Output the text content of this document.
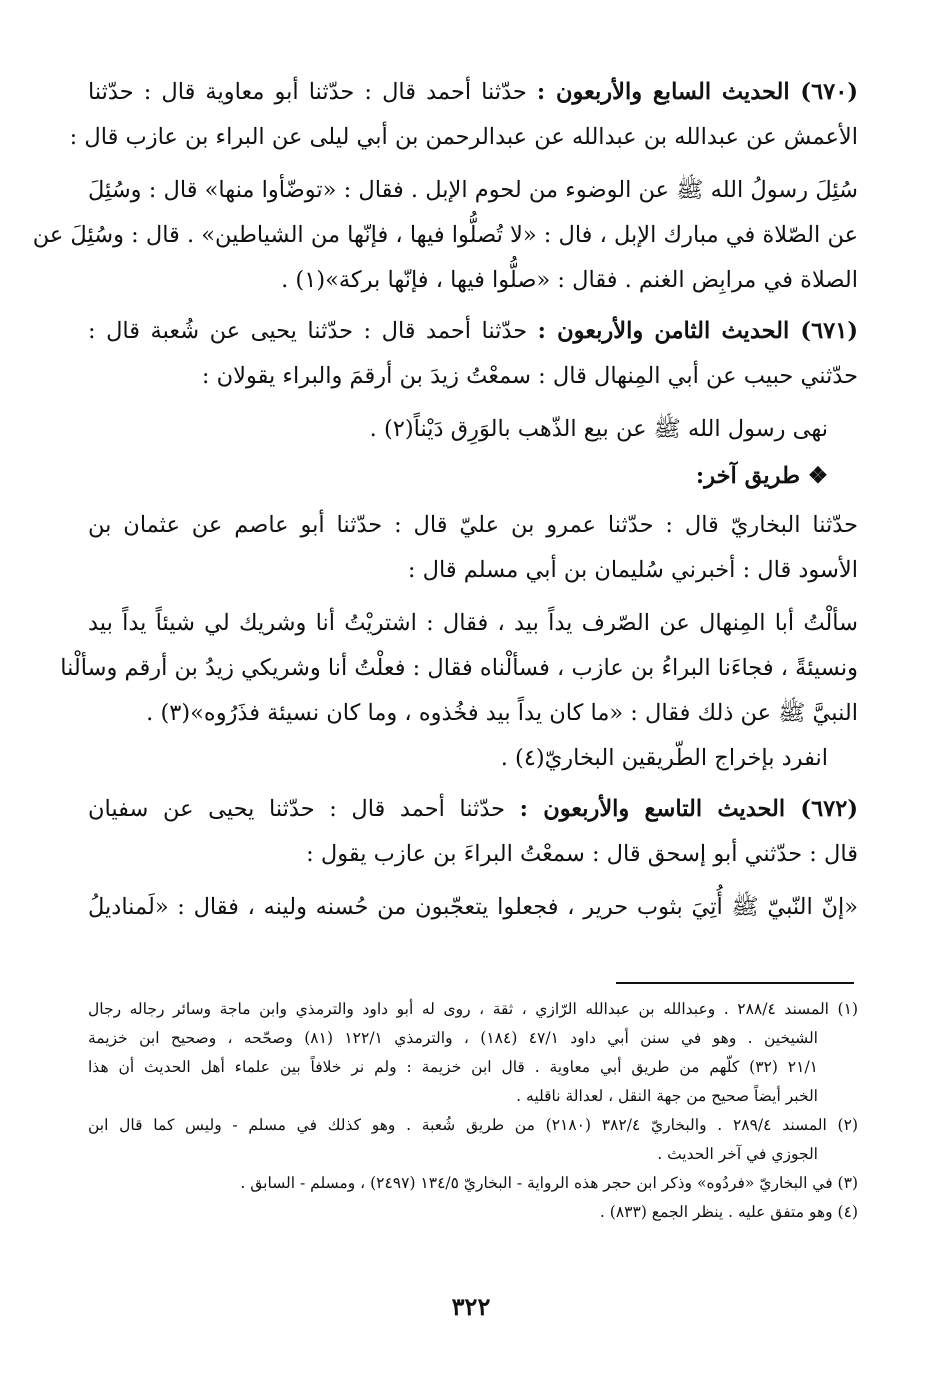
(٦٧٠) الحديث السابع والأربعون : حدّثنا أحمد قال : حدّثنا أبو معاوية قال : حدّثنا
الأعمش عن عبدالله بن عبدالله عن عبدالرحمن بن أبي ليلى عن البراء بن عازب قال :
سُئِلَ رسولُ الله ﷺ عن الوضوء من لحوم الإبل . فقال : «توضّأوا منها» قال : وسُئِلَ
عن الصّلاة في مبارك الإبل ، فال : «لا تُصلُّوا فيها ، فإنّها من الشياطين» . قال : وسُئِلَ عن
الصلاة في مرابِض الغنم . فقال : «صلُّوا فيها ، فإنّها بركة»(١) .
(٦٧١) الحديث الثامن والأربعون : حدّثنا أحمد قال : حدّثنا يحيى عن شُعبة قال :
حدّثني حبيب عن أبي المِنهال قال : سمعْتُ زيدَ بن أرقمَ والبراء يقولان :
نهى رسول الله ﷺ عن بيع الذّهب بالوَرِق دَيْناً(٢) .
❖ طريق آخر:
حدّثنا البخاريّ قال : حدّثنا عمرو بن عليّ قال : حدّثنا أبو عاصم عن عثمان بن
الأسود قال : أخبرني سُليمان بن أبي مسلم قال :
سألْتُ أبا المِنهال عن الصّرف يداً بيد ، فقال : اشتريْتُ أنا وشريك لي شيئاً يداً بيد
ونسيئةً ، فجاءَنا البراءُ بن عازب ، فسألْناه فقال : فعلْتُ أنا وشريكي زيدُ بن أرقم وسألْنا
النبيَّ ﷺ عن ذلك فقال : «ما كان يداً بيد فخُذوه ، وما كان نسيئة فذَرُوه»(٣) .
انفرد بإخراج الطّريقين البخاريّ(٤) .
(٦٧٢) الحديث التاسع والأربعون : حدّثنا أحمد قال : حدّثنا يحيى عن سفيان
قال : حدّثني أبو إسحق قال : سمعْتُ البراءَ بن عازب يقول :
«إنّ النّبيّ ﷺ أُتِيَ بثوب حرير ، فجعلوا يتعجّبون من حُسنه ولينه ، فقال : «لَمناديلُ
(١) المسند ٢٨٨/٤ . وعبدالله بن عبدالله الرّازي ، ثقة ، روى له أبو داود والترمذي وابن ماجة وسائر رجاله رجال
الشيخين . وهو في سنن أبي داود ٤٧/١ (١٨٤) ، والترمذي ١٢٢/١ (٨١) وصحّحه ، وصحيح ابن خزيمة
٢١/١ (٣٢) كلّهم من طريق أبي معاوية . قال ابن خزيمة : ولم نر خلافاً بين علماء أهل الحديث أن هذا
الخبر أيضاً صحيح من جهة النقل ، لعدالة ناقليه .
(٢) المسند ٢٨٩/٤ . والبخاريّ ٣٨٢/٤ (٢١٨٠) من طريق شُعبة . وهو كذلك في مسلم - وليس كما قال ابن
الجوزي في آخر الحديث .
(٣) في البخاريّ «فردُوه» وذكر ابن حجر هذه الرواية - البخاريّ ١٣٤/٥ (٢٤٩٧) ، ومسلم - السابق .
(٤) وهو متفق عليه . ينظر الجمع (٨٣٣) .
٣٢٢
